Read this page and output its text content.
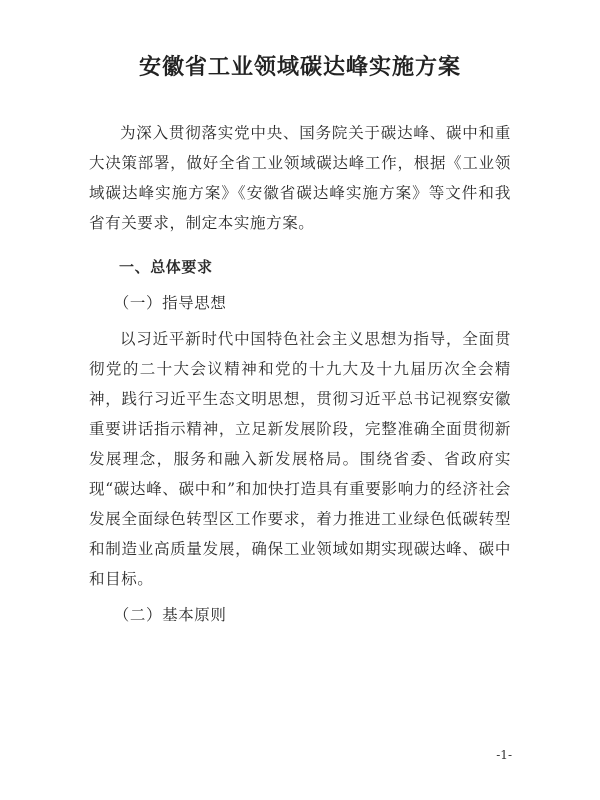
安徽省工业领域碳达峰实施方案

为深入贯彻落实党中央、国务院关于碳达峰、碳中和重大决策部署，做好全省工业领域碳达峰工作，根据《工业领域碳达峰实施方案》《安徽省碳达峰实施方案》等文件和我省有关要求，制定本实施方案。

一、总体要求

（一）指导思想

以习近平新时代中国特色社会主义思想为指导，全面贯彻党的二十大会议精神和党的十九大及十九届历次全会精神，践行习近平生态文明思想，贯彻习近平总书记视察安徽重要讲话指示精神，立足新发展阶段，完整准确全面贯彻新发展理念，服务和融入新发展格局。围绕省委、省政府实现“碳达峰、碳中和”和加快打造具有重要影响力的经济社会发展全面绿色转型区工作要求，着力推进工业绿色低碳转型和制造业高质量发展，确保工业领域如期实现碳达峰、碳中和目标。

（二）基本原则

-1-
